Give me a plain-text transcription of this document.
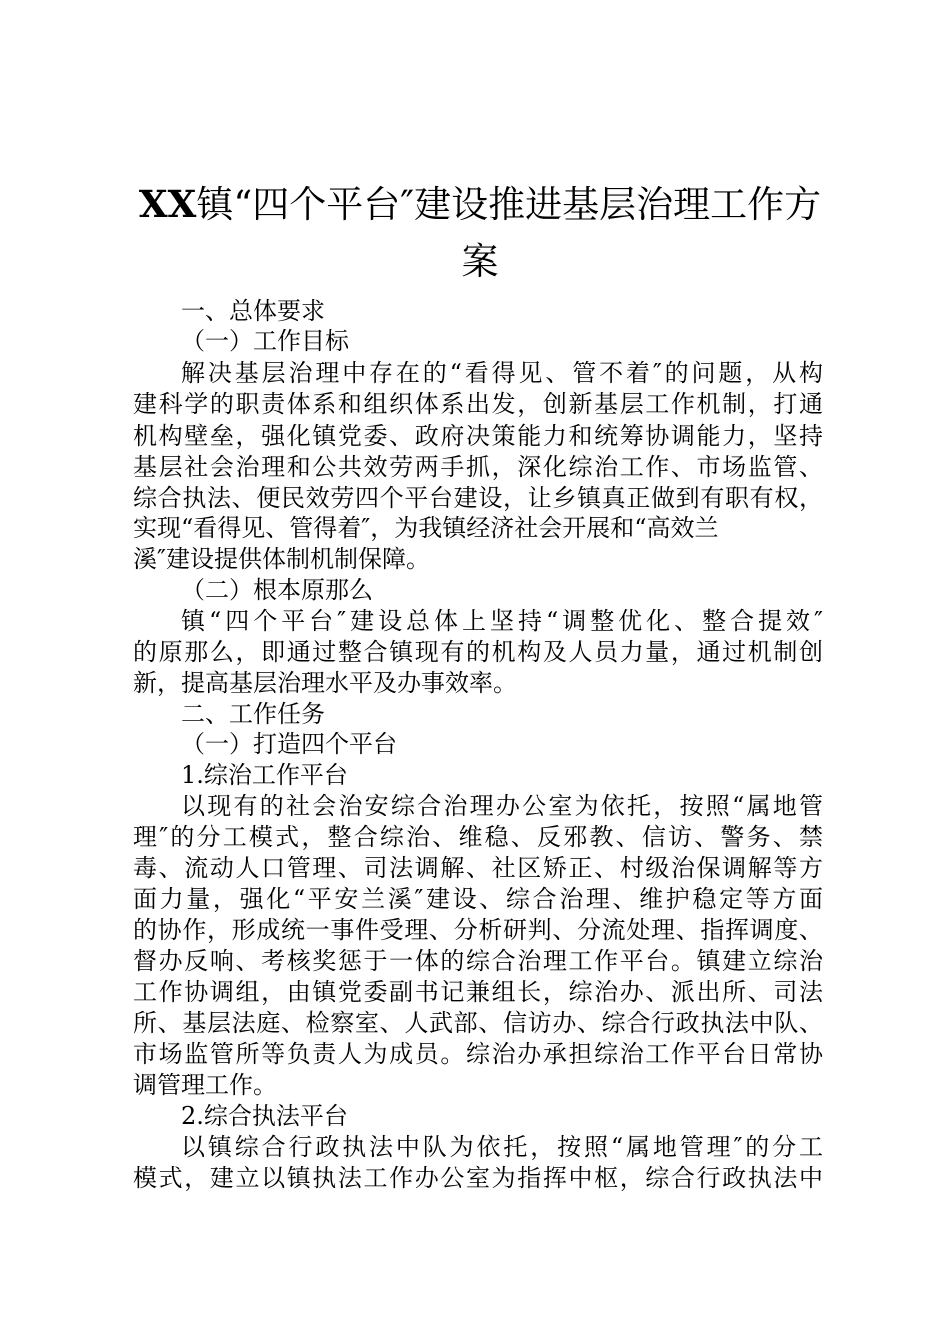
XX镇“四个平台″建设推进基层治理工作方
案
一、总体要求
（一）工作目标
解决基层治理中存在的“看得见、管不着″的问题，从构
建科学的职责体系和组织体系出发，创新基层工作机制，打通
机构壁垒，强化镇党委、政府决策能力和统筹协调能力，坚持
基层社会治理和公共效劳两手抓，深化综治工作、市场监管、
综合执法、便民效劳四个平台建设，让乡镇真正做到有职有权，
实现“看得见、管得着″，为我镇经济社会开展和“高效兰
溪″建设提供体制机制保障。
（二）根本原那么
镇“四个平台″建设总体上坚持“调整优化、整合提效″
的原那么，即通过整合镇现有的机构及人员力量，通过机制创
新，提高基层治理水平及办事效率。
二、工作任务
（一）打造四个平台
1.综治工作平台
以现有的社会治安综合治理办公室为依托，按照“属地管
理″的分工模式，整合综治、维稳、反邪教、信访、警务、禁
毒、流动人口管理、司法调解、社区矫正、村级治保调解等方
面力量，强化“平安兰溪″建设、综合治理、维护稳定等方面
的协作，形成统一事件受理、分析研判、分流处理、指挥调度、
督办反响、考核奖惩于一体的综合治理工作平台。镇建立综治
工作协调组，由镇党委副书记兼组长，综治办、派出所、司法
所、基层法庭、检察室、人武部、信访办、综合行政执法中队、
市场监管所等负责人为成员。综治办承担综治工作平台日常协
调管理工作。
2.综合执法平台
以镇综合行政执法中队为依托，按照“属地管理″的分工
模式，建立以镇执法工作办公室为指挥中枢，综合行政执法中
